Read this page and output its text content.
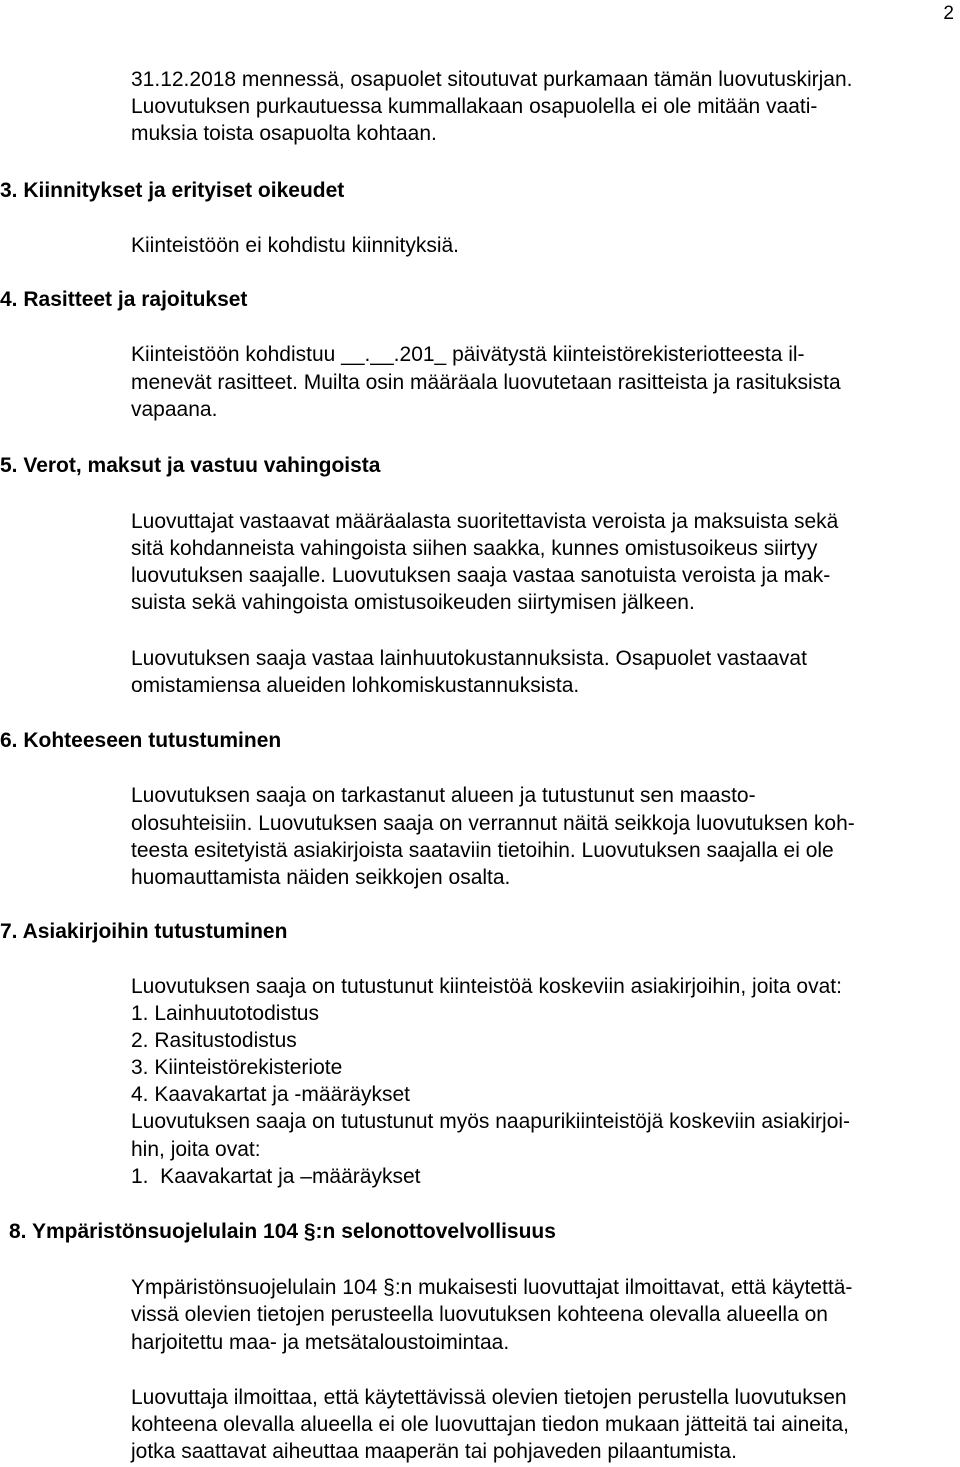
2
31.12.2018 mennessä, osapuolet sitoutuvat purkamaan tämän luovutuskirjan.
Luovutuksen purkautuessa kummallakaan osapuolella ei ole mitään vaati-
muksia toista osapuolta kohtaan.
3. Kiinnitykset ja erityiset oikeudet
Kiinteistöön ei kohdistu kiinnityksiä.
4. Rasitteet ja rajoitukset
Kiinteistöön kohdistuu __.__.201_ päivätystä kiinteistörekisteriotteesta il-
menevät rasitteet. Muilta osin määräala luovutetaan rasitteista ja rasituksista
vapaana.
5. Verot, maksut ja vastuu vahingoista
Luovuttajat vastaavat määräalasta suoritettavista veroista ja maksuista sekä
sitä kohdanneista vahingoista siihen saakka, kunnes omistusoikeus siirtyy
luovutuksen saajalle. Luovutuksen saaja vastaa sanotuista veroista ja mak-
suista sekä vahingoista omistusoikeuden siirtymisen jälkeen.
Luovutuksen saaja vastaa lainhuutokustannuksista. Osapuolet vastaavat
omistamiensa alueiden lohkomiskustannuksista.
6. Kohteeseen tutustuminen
Luovutuksen saaja on tarkastanut alueen ja tutustunut sen maasto-
olosuhteisiin. Luovutuksen saaja on verrannut näitä seikkoja luovutuksen koh-
teesta esitetyistä asiakirjoista saataviin tietoihin. Luovutuksen saajalla ei ole
huomauttamista näiden seikkojen osalta.
7. Asiakirjoihin tutustuminen
Luovutuksen saaja on tutustunut kiinteistöä koskeviin asiakirjoihin, joita ovat:
1. Lainhuutotodistus
2. Rasitustodistus
3. Kiinteistörekisteriote
4. Kaavakartat ja -määräykset
Luovutuksen saaja on tutustunut myös naapurikiinteistöjä koskeviin asiakirjoi-
hin, joita ovat:
1.  Kaavakartat ja –määräykset
8. Ympäristönsuojelulain 104 §:n selonottovelvollisuus
Ympäristönsuojelulain 104 §:n mukaisesti luovuttajat ilmoittavat, että käytettä-
vissä olevien tietojen perusteella luovutuksen kohteena olevalla alueella on
harjoitettu maa- ja metsätaloustoimintaa.
Luovuttaja ilmoittaa, että käytettävissä olevien tietojen perustella luovutuksen
kohteena olevalla alueella ei ole luovuttajan tiedon mukaan jätteitä tai aineita,
jotka saattavat aiheuttaa maaperän tai pohjaveden pilaantumista.
